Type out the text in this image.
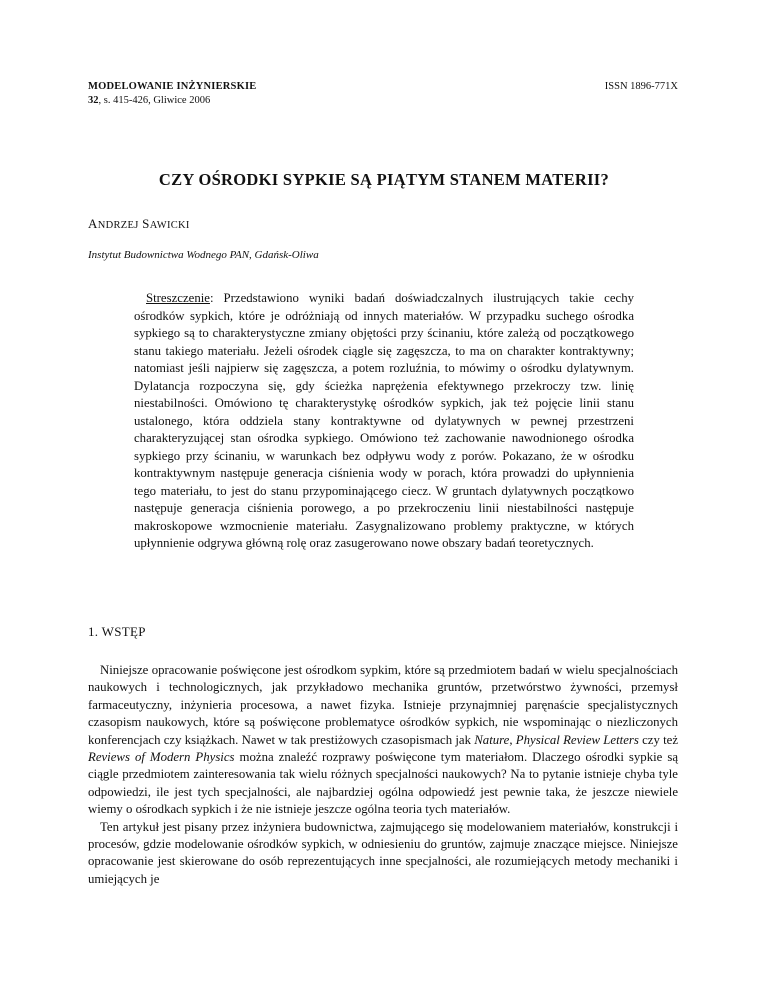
MODELOWANIE INŻYNIERSKIE
32, s. 415-426, Gliwice 2006
ISSN 1896-771X
CZY OŚRODKI SYPKIE SĄ PIĄTYM STANEM MATERII?
ANDRZEJ SAWICKI
Instytut Budownictwa Wodnego PAN, Gdańsk-Oliwa
Streszczenie: Przedstawiono wyniki badań doświadczalnych ilustrujących takie cechy ośrodków sypkich, które je odróżniają od innych materiałów. W przypadku suchego ośrodka sypkiego są to charakterystyczne zmiany objętości przy ścinaniu, które zależą od początkowego stanu takiego materiału. Jeżeli ośrodek ciągle się zagęszcza, to ma on charakter kontraktywny; natomiast jeśli najpierw się zagęszcza, a potem rozluźnia, to mówimy o ośrodku dylatywnym. Dylatancja rozpoczyna się, gdy ścieżka naprężenia efektywnego przekroczy tzw. linię niestabilności. Omówiono tę charakterystykę ośrodków sypkich, jak też pojęcie linii stanu ustalonego, która oddziela stany kontraktywne od dylatywnych w pewnej przestrzeni charakteryzującej stan ośrodka sypkiego. Omówiono też zachowanie nawodnionego ośrodka sypkiego przy ścinaniu, w warunkach bez odpływu wody z porów. Pokazano, że w ośrodku kontraktywnym następuje generacja ciśnienia wody w porach, która prowadzi do upłynnienia tego materiału, to jest do stanu przypominającego ciecz. W gruntach dylatywnych początkowo następuje generacja ciśnienia porowego, a po przekroczeniu linii niestabilności następuje makroskopowe wzmocnienie materiału. Zasygnalizowano problemy praktyczne, w których upłynnienie odgrywa główną rolę oraz zasugerowano nowe obszary badań teoretycznych.
1. WSTĘP

Niniejsze opracowanie poświęcone jest ośrodkom sypkim, które są przedmiotem badań w wielu specjalnościach naukowych i technologicznych, jak przykładowo mechanika gruntów, przetwórstwo żywności, przemysł farmaceutyczny, inżynieria procesowa, a nawet fizyka. Istnieje przynajmniej paręnaście specjalistycznych czasopism naukowych, które są poświęcone problematyce ośrodków sypkich, nie wspominając o niezliczonych konferencjach czy książkach. Nawet w tak prestiżowych czasopismach jak Nature, Physical Review Letters czy też Reviews of Modern Physics można znaleźć rozprawy poświęcone tym materiałom. Dlaczego ośrodki sypkie są ciągle przedmiotem zainteresowania tak wielu różnych specjalności naukowych? Na to pytanie istnieje chyba tyle odpowiedzi, ile jest tych specjalności, ale najbardziej ogólna odpowiedź jest pewnie taka, że jeszcze niewiele wiemy o ośrodkach sypkich i że nie istnieje jeszcze ogólna teoria tych materiałów.

Ten artykuł jest pisany przez inżyniera budownictwa, zajmującego się modelowaniem materiałów, konstrukcji i procesów, gdzie modelowanie ośrodków sypkich, w odniesieniu do gruntów, zajmuje znaczące miejsce. Niniejsze opracowanie jest skierowane do osób reprezentujących inne specjalności, ale rozumiejących metody mechaniki i umiejących je
